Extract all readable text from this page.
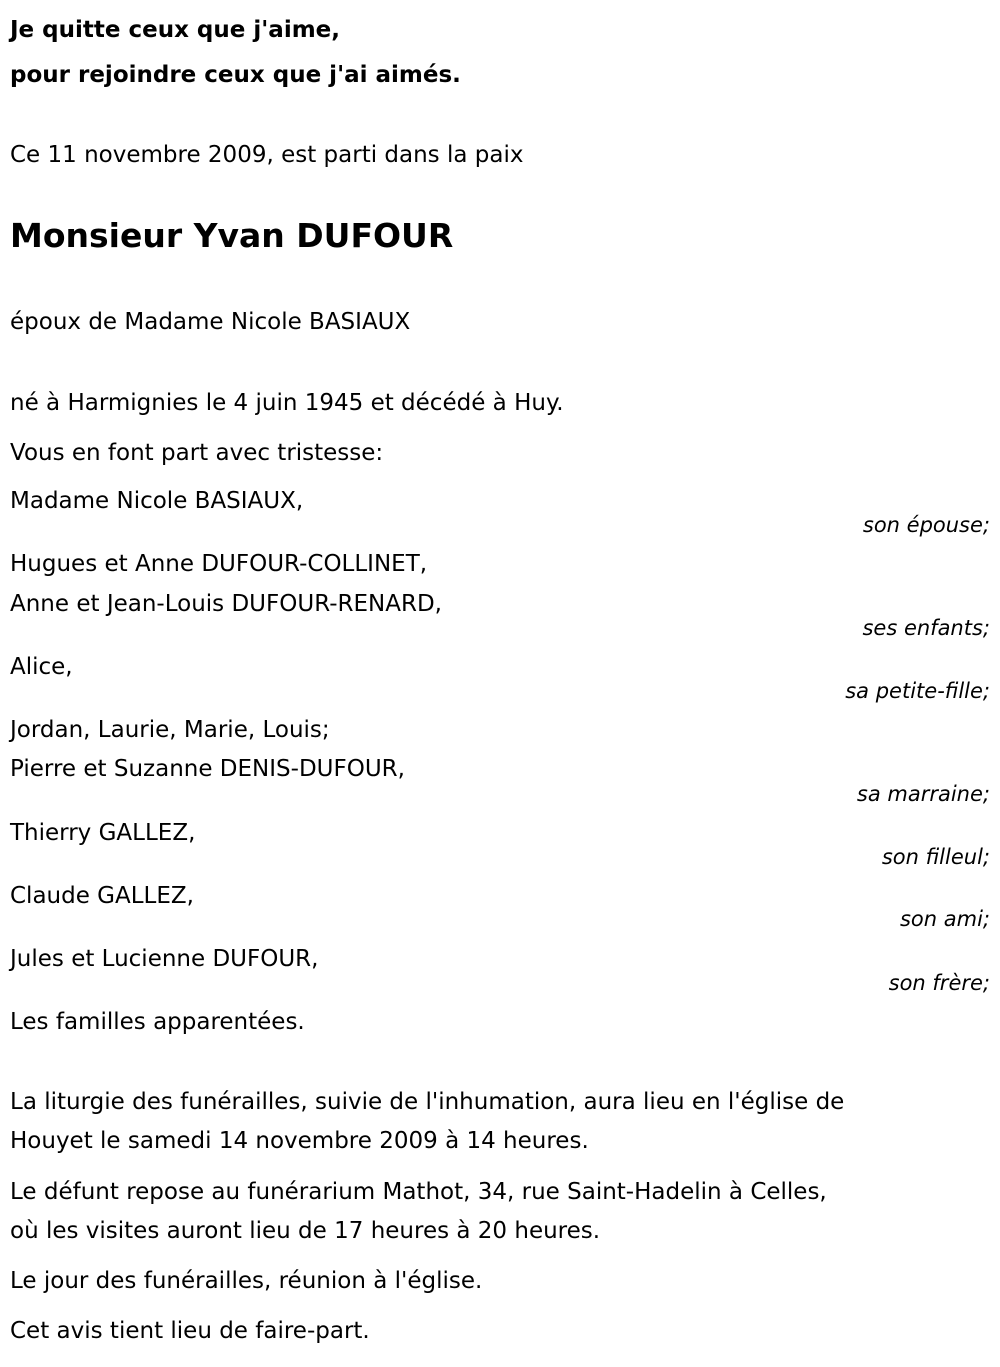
Je quitte ceux que j'aime,
pour rejoindre ceux que j'ai aimés.
Ce 11 novembre 2009, est parti dans la paix
Monsieur Yvan DUFOUR
époux de Madame Nicole BASIAUX
né à Harmignies le 4 juin 1945 et décédé à Huy.
Vous en font part avec tristesse:
Madame Nicole BASIAUX,
son épouse;
Hugues et Anne DUFOUR-COLLINET,
Anne et Jean-Louis DUFOUR-RENARD,
ses enfants;
Alice,
sa petite-fille;
Jordan, Laurie, Marie, Louis;
Pierre et Suzanne DENIS-DUFOUR,
sa marraine;
Thierry GALLEZ,
son filleul;
Claude GALLEZ,
son ami;
Jules et Lucienne DUFOUR,
son frère;
Les familles apparentées.
La liturgie des funérailles, suivie de l'inhumation, aura lieu en l'église de
Houyet le samedi 14 novembre 2009 à 14 heures.
Le défunt repose au funérarium Mathot, 34, rue Saint-Hadelin à Celles,
où les visites auront lieu de 17 heures à 20 heures.
Le jour des funérailles, réunion à l'église.
Cet avis tient lieu de faire-part.
